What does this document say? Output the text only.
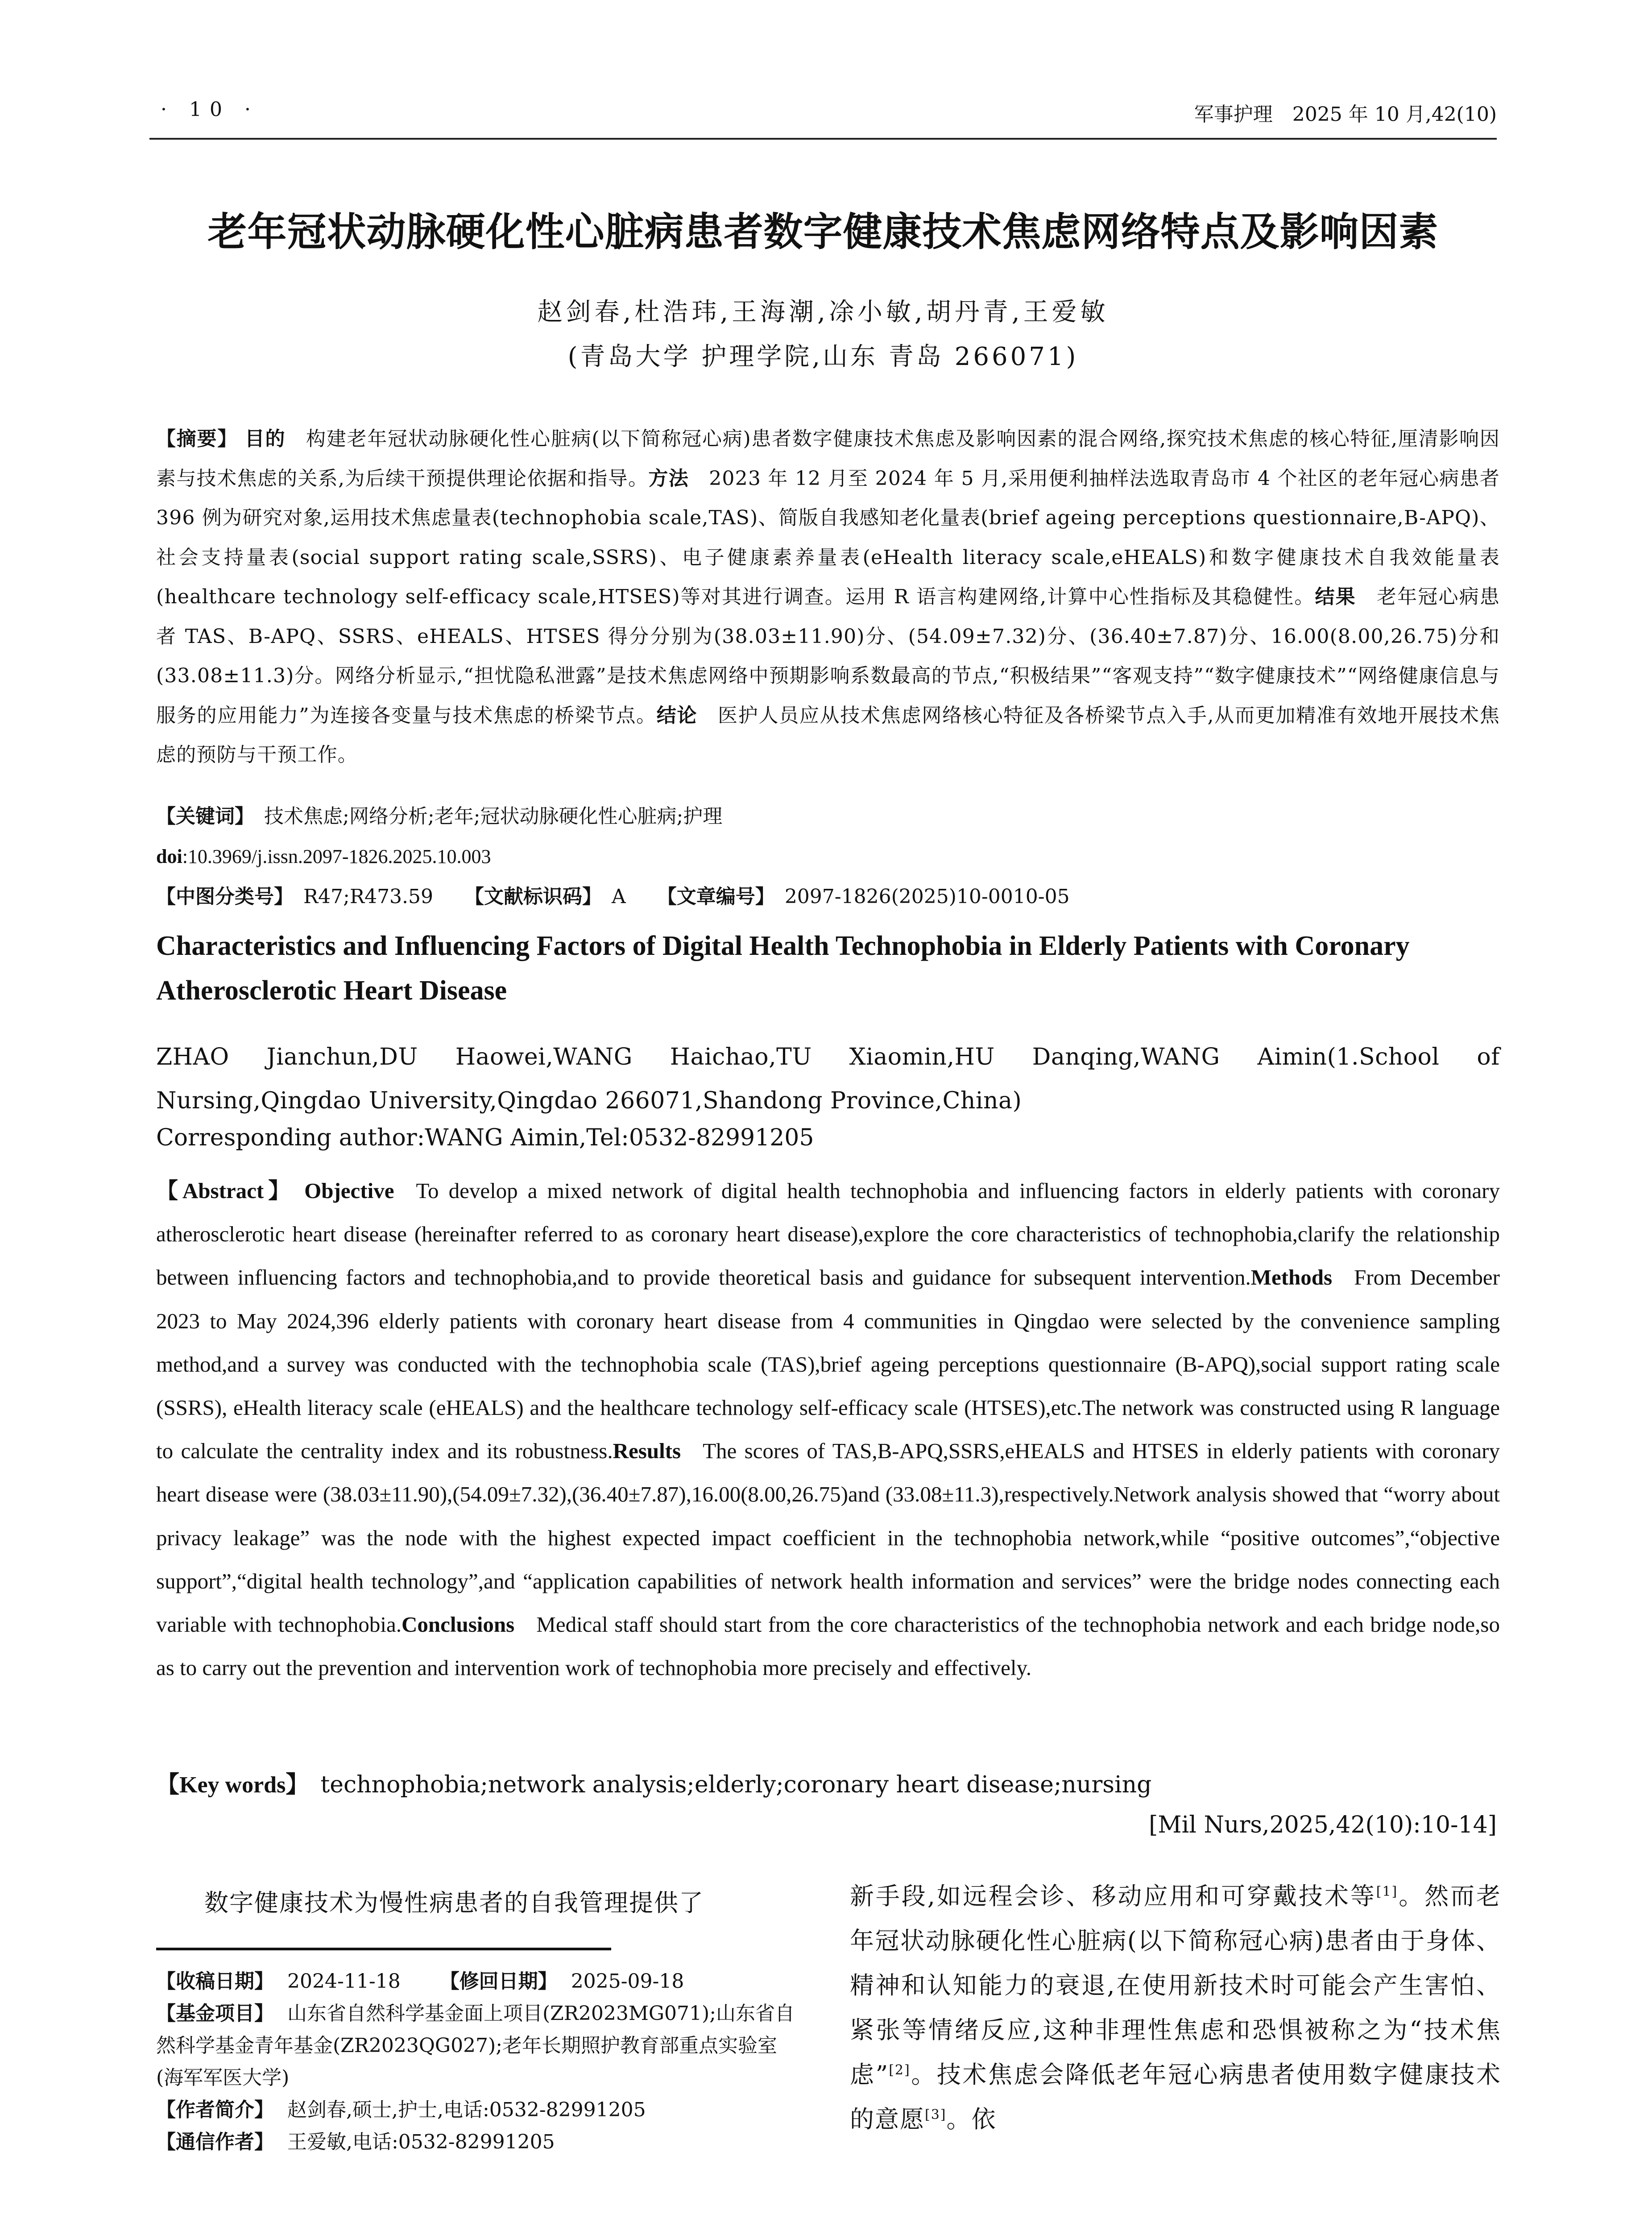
· 10 ·	军事护理　2025 年 10 月,42(10)
老年冠状动脉硬化性心脏病患者数字健康技术焦虑网络特点及影响因素
赵剑春,杜浩玮,王海潮,凃小敏,胡丹青,王爱敏
(青岛大学 护理学院,山东 青岛 266071)
【摘要】 目的  构建老年冠状动脉硬化性心脏病(以下简称冠心病)患者数字健康技术焦虑及影响因素的混合网络,探究技术焦虑的核心特征,厘清影响因素与技术焦虑的关系,为后续干预提供理论依据和指导。方法  2023 年 12 月至 2024 年 5 月,采用便利抽样法选取青岛市 4 个社区的老年冠心病患者 396 例为研究对象,运用技术焦虑量表(technophobia scale,TAS)、简版自我感知老化量表(brief ageing perceptions questionnaire,B-APQ)、社会支持量表(social support rating scale,SSRS)、电子健康素养量表(eHealth literacy scale,eHEALS)和数字健康技术自我效能量表(healthcare technology self-efficacy scale,HTSES)等对其进行调查。运用 R 语言构建网络,计算中心性指标及其稳健性。结果  老年冠心病患者 TAS、B-APQ、SSRS、eHEALS、HTSES 得分分别为(38.03±11.90)分、(54.09±7.32)分、(36.40±7.87)分、16.00(8.00,26.75)分和(33.08±11.3)分。网络分析显示,“担忧隐私泄露”是技术焦虑网络中预期影响系数最高的节点,“积极结果”“客观支持”“数字健康技术”“网络健康信息与服务的应用能力”为连接各变量与技术焦虑的桥梁节点。结论  医护人员应从技术焦虑网络核心特征及各桥梁节点入手,从而更加精准有效地开展技术焦虑的预防与干预工作。
【关键词】  技术焦虑;网络分析;老年;冠状动脉硬化性心脏病;护理
doi:10.3969/j.issn.2097-1826.2025.10.003
【中图分类号】  R47;R473.59 【文献标识码】  A 【文章编号】  2097-1826(2025)10-0010-05
Characteristics and Influencing Factors of Digital Health Technophobia in Elderly Patients with Coronary Atherosclerotic Heart Disease
ZHAO Jianchun,DU Haowei,WANG Haichao,TU Xiaomin,HU Danqing,WANG Aimin(1.School of Nursing,Qingdao University,Qingdao 266071,Shandong Province,China)
Corresponding author:WANG Aimin,Tel:0532-82991205
【Abstract】 Objective  To develop a mixed network of digital health technophobia and influencing factors in elderly patients with coronary atherosclerotic heart disease (hereinafter referred to as coronary heart disease),explore the core characteristics of technophobia,clarify the relationship between influencing factors and technophobia,and to provide theoretical basis and guidance for subsequent intervention.Methods  From December 2023 to May 2024,396 elderly patients with coronary heart disease from 4 communities in Qingdao were selected by the convenience sampling method,and a survey was conducted with the technophobia scale (TAS),brief ageing perceptions questionnaire (B-APQ),social support rating scale (SSRS), eHealth literacy scale (eHEALS) and the healthcare technology self-efficacy scale (HTSES),etc.The network was constructed using R language to calculate the centrality index and its robustness.Results  The scores of TAS,B-APQ,SSRS,eHEALS and HTSES in elderly patients with coronary heart disease were (38.03±11.90),(54.09±7.32),(36.40±7.87),16.00(8.00,26.75)and (33.08±11.3),respectively.Network analysis showed that “worry about privacy leakage” was the node with the highest expected impact coefficient in the technophobia network,while “positive outcomes”,“objective support”,“digital health technology”,and “application capabilities of network health information and services” were the bridge nodes connecting each variable with technophobia.Conclusions  Medical staff should start from the core characteristics of the technophobia network and each bridge node,so as to carry out the prevention and intervention work of technophobia more precisely and effectively.
【Key words】  technophobia;network analysis;elderly;coronary heart disease;nursing
[Mil Nurs,2025,42(10):10-14]
数字健康技术为慢性病患者的自我管理提供了
【收稿日期】 2024-11-18   【修回日期】 2025-09-18
【基金项目】 山东省自然科学基金面上项目(ZR2023MG071);山东省自然科学基金青年基金(ZR2023QG027);老年长期照护教育部重点实验室(海军军医大学)
【作者简介】 赵剑春,硕士,护士,电话:0532-82991205
【通信作者】 王爱敏,电话:0532-82991205
新手段,如远程会诊、移动应用和可穿戴技术等[1]。然而老年冠状动脉硬化性心脏病(以下简称冠心病)患者由于身体、精神和认知能力的衰退,在使用新技术时可能会产生害怕、紧张等情绪反应,这种非理性焦虑和恐惧被称之为“技术焦虑”[2]。技术焦虑会降低老年冠心病患者使用数字健康技术的意愿[3]。依
